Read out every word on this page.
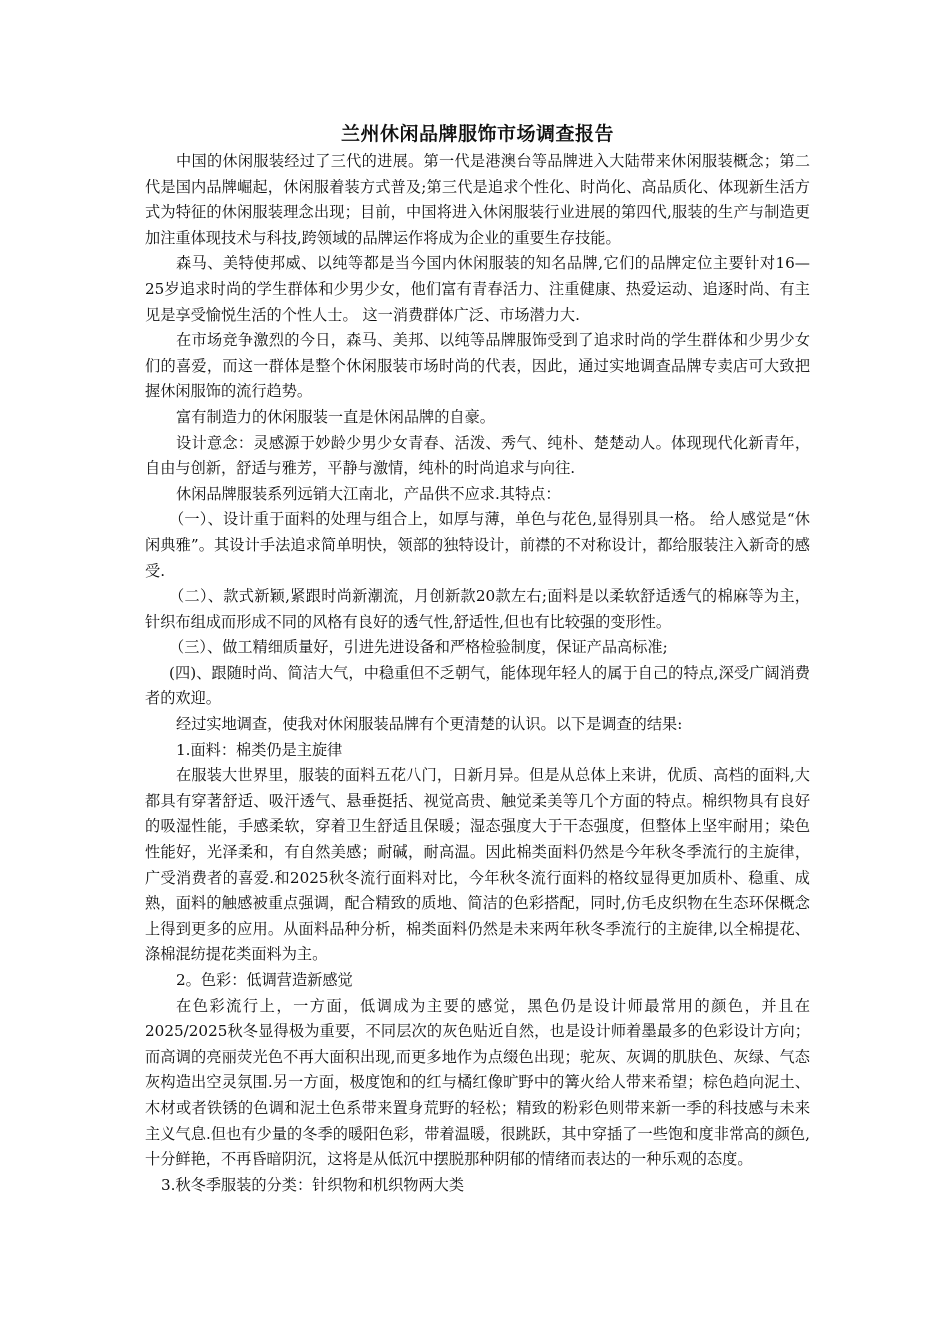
兰州休闲品牌服饰市场调查报告

中国的休闲服装经过了三代的进展。第一代是港澳台等品牌进入大陆带来休闲服装概念；第二代是国内品牌崛起，休闲服着装方式普及;第三代是追求个性化、时尚化、高品质化、体现新生活方式为特征的休闲服装理念出现；目前，中国将进入休闲服装行业进展的第四代,服装的生产与制造更加注重体现技术与科技,跨领域的品牌运作将成为企业的重要生存技能。

森马、美特使邦威、以纯等都是当今国内休闲服装的知名品牌,它们的品牌定位主要针对16—25岁追求时尚的学生群体和少男少女，他们富有青春活力、注重健康、热爱运动、追逐时尚、有主见是享受愉悦生活的个性人士。 这一消费群体广泛、市场潜力大.

在市场竞争激烈的今日，森马、美邦、以纯等品牌服饰受到了追求时尚的学生群体和少男少女们的喜爱，而这一群体是整个休闲服装市场时尚的代表，因此，通过实地调查品牌专卖店可大致把握休闲服饰的流行趋势。

富有制造力的休闲服装一直是休闲品牌的自豪。

设计意念：灵感源于妙龄少男少女青春、活泼、秀气、纯朴、楚楚动人。体现现代化新青年，自由与创新，舒适与雅芳，平静与激情，纯朴的时尚追求与向往.

休闲品牌服装系列远销大江南北，产品供不应求.其特点：

（一）、设计重于面料的处理与组合上，如厚与薄，单色与花色,显得别具一格。 给人感觉是“休闲典雅”。其设计手法追求简单明快，领部的独特设计，前襟的不对称设计，都给服装注入新奇的感受.

（二）、款式新颖,紧跟时尚新潮流，月创新款20款左右;面料是以柔软舒适透气的棉麻等为主，针织布组成而形成不同的风格有良好的透气性,舒适性,但也有比较强的变形性。

（三）、做工精细质量好，引进先进设备和严格检验制度，保证产品高标准;

(四)、跟随时尚、简洁大气，中稳重但不乏朝气，能体现年轻人的属于自己的特点,深受广阔消费者的欢迎。

经过实地调查，使我对休闲服装品牌有个更清楚的认识。以下是调查的结果:

1.面料：棉类仍是主旋律

在服装大世界里，服装的面料五花八门，日新月异。但是从总体上来讲，优质、高档的面料,大都具有穿著舒适、吸汗透气、悬垂挺括、视觉高贵、触觉柔美等几个方面的特点。棉织物具有良好的吸湿性能，手感柔软，穿着卫生舒适且保暖；湿态强度大于干态强度，但整体上坚牢耐用；染色性能好，光泽柔和，有自然美感；耐碱，耐高温。因此棉类面料仍然是今年秋冬季流行的主旋律，广受消费者的喜爱.和2025秋冬流行面料对比，今年秋冬流行面料的格纹显得更加质朴、稳重、成熟，面料的触感被重点强调，配合精致的质地、简洁的色彩搭配，同时,仿毛皮织物在生态环保概念上得到更多的应用。从面料品种分析，棉类面料仍然是未来两年秋冬季流行的主旋律,以全棉提花、涤棉混纺提花类面料为主。

2。色彩：低调营造新感觉

在色彩流行上，一方面，低调成为主要的感觉，黑色仍是设计师最常用的颜色，并且在2025/2025秋冬显得极为重要，不同层次的灰色贴近自然，也是设计师着墨最多的色彩设计方向；而高调的亮丽荧光色不再大面积出现,而更多地作为点缀色出现；驼灰、灰调的肌肤色、灰绿、气态灰构造出空灵氛围.另一方面，极度饱和的红与橘红像旷野中的篝火给人带来希望；棕色趋向泥土、木材或者铁锈的色调和泥土色系带来置身荒野的轻松；精致的粉彩色则带来新一季的科技感与未来主义气息.但也有少量的冬季的暖阳色彩，带着温暖，很跳跃，其中穿插了一些饱和度非常高的颜色,十分鲜艳，不再昏暗阴沉，这将是从低沉中摆脱那种阴郁的情绪而表达的一种乐观的态度。

3.秋冬季服装的分类：针织物和机织物两大类
